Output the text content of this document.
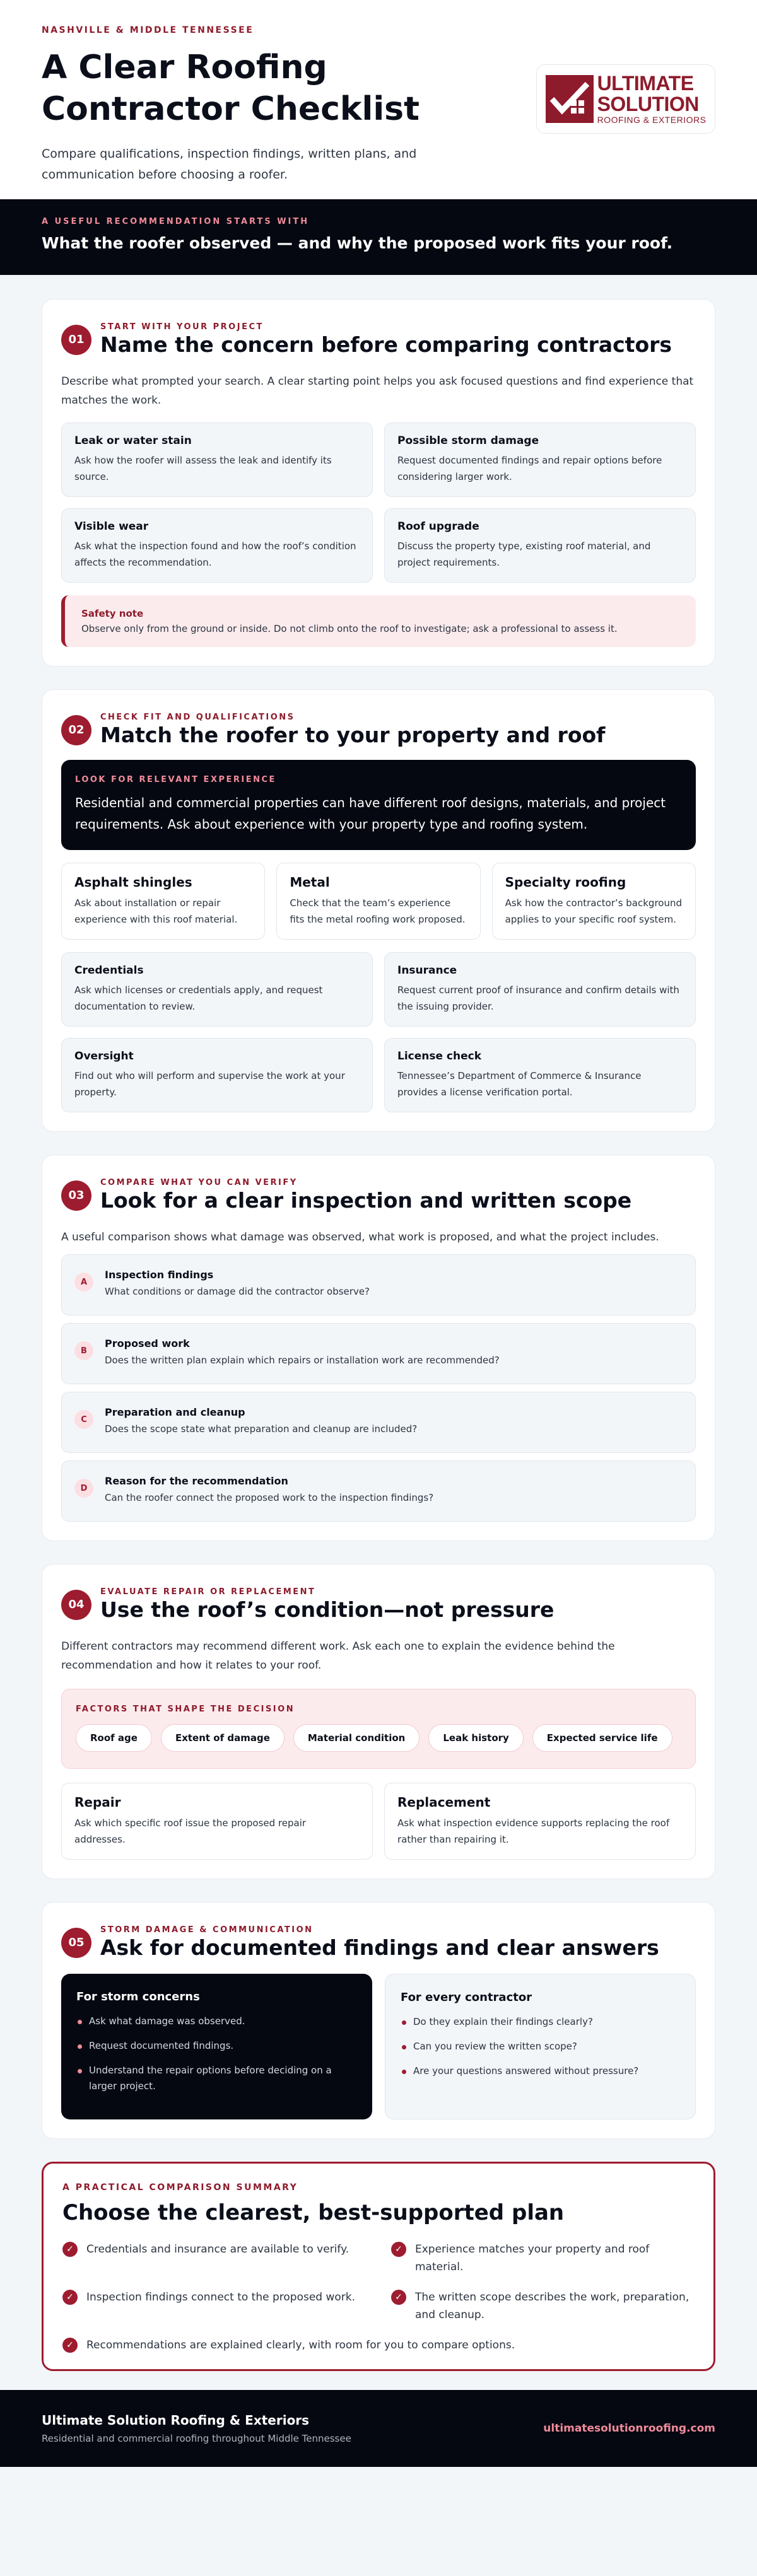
NASHVILLE & MIDDLE TENNESSEE
A Clear Roofing Contractor Checklist

Compare qualifications, inspection findings, written plans, and communication before choosing a roofer.

ULTIMATE
SOLUTION
ROOFING & EXTERIORS
A USEFUL RECOMMENDATION STARTS WITH
What the roofer observed — and why the proposed work fits your roof.
01
START WITH YOUR PROJECT
Name the concern before comparing contractors

Describe what prompted your search. A clear starting point helps you ask focused questions and find experience that matches the work.

Leak or water stain

Ask how the roofer will assess the leak and identify its source.

Possible storm damage

Request documented findings and repair options before considering larger work.

Visible wear

Ask what the inspection found and how the roof’s condition affects the recommendation.

Roof upgrade

Discuss the property type, existing roof material, and project requirements.

Safety note

Observe only from the ground or inside. Do not climb onto the roof to investigate; ask a professional to assess it.

02
CHECK FIT AND QUALIFICATIONS
Match the roofer to your property and roof
LOOK FOR RELEVANT EXPERIENCE

Residential and commercial properties can have different roof designs, materials, and project requirements. Ask about experience with your property type and roofing system.

Asphalt shingles

Ask about installation or repair experience with this roof material.

Metal

Check that the team’s experience fits the metal roofing work proposed.

Specialty roofing

Ask how the contractor’s background applies to your specific roof system.

Credentials

Ask which licenses or credentials apply, and request documentation to review.

Insurance

Request current proof of insurance and confirm details with the issuing provider.

Oversight

Find out who will perform and supervise the work at your property.

License check

Tennessee’s Department of Commerce & Insurance provides a license verification portal.

03
COMPARE WHAT YOU CAN VERIFY
Look for a clear inspection and written scope

A useful comparison shows what damage was observed, what work is proposed, and what the project includes.

A
Inspection findings

What conditions or damage did the contractor observe?

B
Proposed work

Does the written plan explain which repairs or installation work are recommended?

C
Preparation and cleanup

Does the scope state what preparation and cleanup are included?

D
Reason for the recommendation

Can the roofer connect the proposed work to the inspection findings?

04
EVALUATE REPAIR OR REPLACEMENT
Use the roof’s condition—not pressure

Different contractors may recommend different work. Ask each one to explain the evidence behind the recommendation and how it relates to your roof.

FACTORS THAT SHAPE THE DECISION
Roof age	Extent of damage	Material condition	Leak history	Expected service life
Repair

Ask which specific roof issue the proposed repair addresses.

Replacement

Ask what inspection evidence supports replacing the roof rather than repairing it.

05
STORM DAMAGE & COMMUNICATION
Ask for documented findings and clear answers
For storm concerns
Ask what damage was observed.
Request documented findings.
Understand the repair options before deciding on a larger project.
For every contractor
Do they explain their findings clearly?
Can you review the written scope?
Are your questions answered without pressure?
A PRACTICAL COMPARISON SUMMARY
Choose the clearest, best-supported plan
✓	Credentials and insurance are available to verify.	✓	Experience matches your property and roof material.
✓	Inspection findings connect to the proposed work.	✓	The written scope describes the work, preparation, and cleanup.
✓	Recommendations are explained clearly, with room for you to compare options.
Ultimate Solution Roofing & Exteriors
Residential and commercial roofing throughout Middle Tennessee
ultimatesolutionroofing.com
